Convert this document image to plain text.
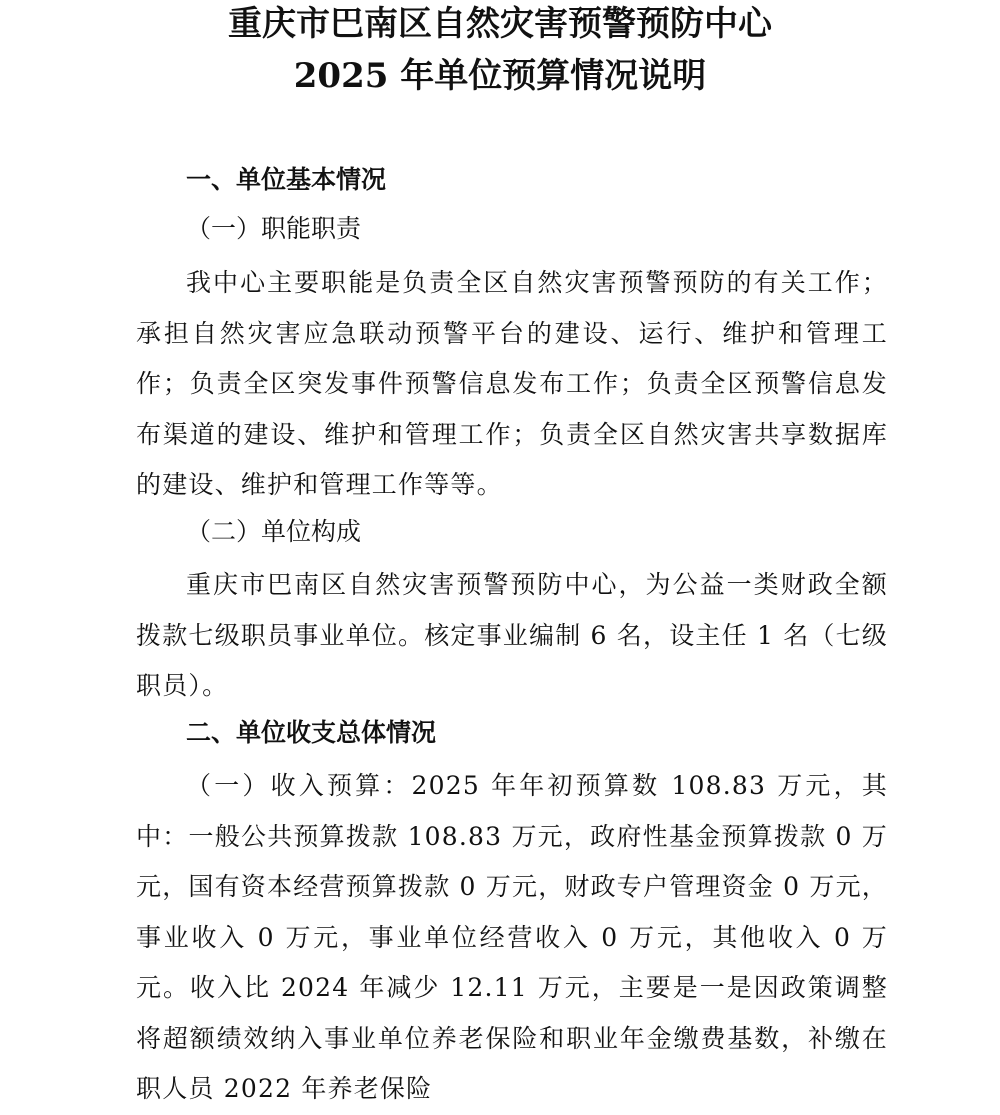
重庆市巴南区自然灾害预警预防中心
2025 年单位预算情况说明
一、单位基本情况
（一）职能职责

我中心主要职能是负责全区自然灾害预警预防的有关工作；承担自然灾害应急联动预警平台的建设、运行、维护和管理工作；负责全区突发事件预警信息发布工作；负责全区预警信息发布渠道的建设、维护和管理工作；负责全区自然灾害共享数据库的建设、维护和管理工作等等。

（二）单位构成

重庆市巴南区自然灾害预警预防中心，为公益一类财政全额拨款七级职员事业单位。核定事业编制 6 名，设主任 1 名（七级职员）。

二、单位收支总体情况

（一）收入预算：2025 年年初预算数 108.83 万元，其中：一般公共预算拨款 108.83 万元，政府性基金预算拨款 0 万元，国有资本经营预算拨款 0 万元，财政专户管理资金 0 万元，事业收入 0 万元，事业单位经营收入 0 万元，其他收入 0 万元。收入比 2024 年减少 12.11 万元，主要是一是因政策调整将超额绩效纳入事业单位养老保险和职业年金缴费基数，补缴在职人员 2022 年养老保险
